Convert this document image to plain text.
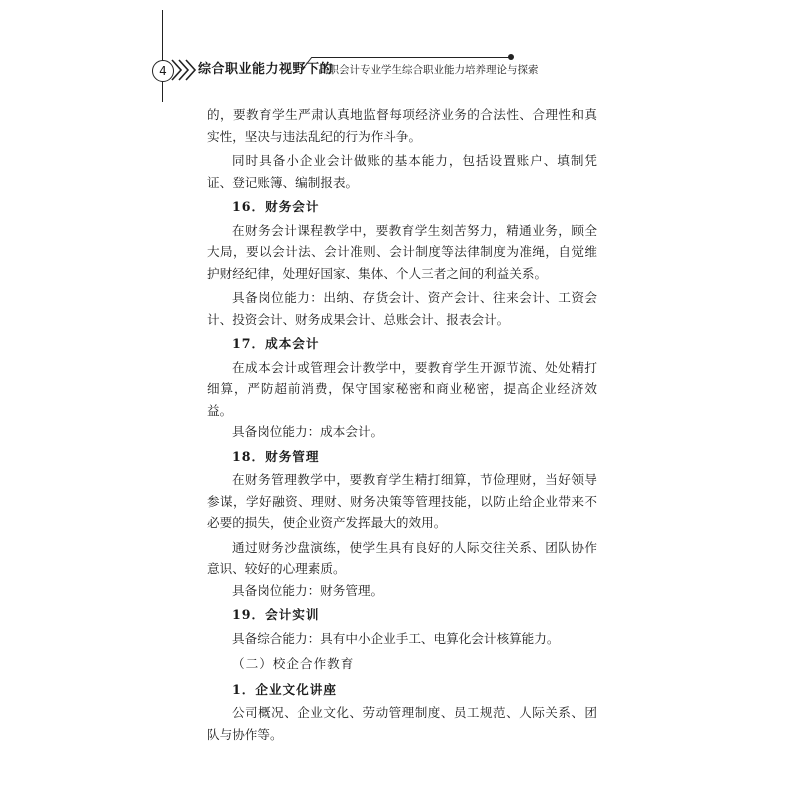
4	综合职业能力视野下的
高职会计专业学生综合职业能力培养理论与探索

的，要教育学生严肃认真地监督每项经济业务的合法性、合理性和真实性，坚决与违法乱纪的行为作斗争。

同时具备小企业会计做账的基本能力，包括设置账户、填制凭证、登记账簿、编制报表。

16．财务会计

在财务会计课程教学中，要教育学生刻苦努力，精通业务，顾全大局，要以会计法、会计准则、会计制度等法律制度为准绳，自觉维护财经纪律，处理好国家、集体、个人三者之间的利益关系。

具备岗位能力：出纳、存货会计、资产会计、往来会计、工资会计、投资会计、财务成果会计、总账会计、报表会计。

17．成本会计

在成本会计或管理会计教学中，要教育学生开源节流、处处精打细算，严防超前消费，保守国家秘密和商业秘密，提高企业经济效益。

具备岗位能力：成本会计。

18．财务管理

在财务管理教学中，要教育学生精打细算，节俭理财，当好领导参谋，学好融资、理财、财务决策等管理技能，以防止给企业带来不必要的损失，使企业资产发挥最大的效用。

通过财务沙盘演练，使学生具有良好的人际交往关系、团队协作意识、较好的心理素质。

具备岗位能力：财务管理。

19．会计实训

具备综合能力：具有中小企业手工、电算化会计核算能力。

（二）校企合作教育
1．企业文化讲座

公司概况、企业文化、劳动管理制度、员工规范、人际关系、团队与协作等。
